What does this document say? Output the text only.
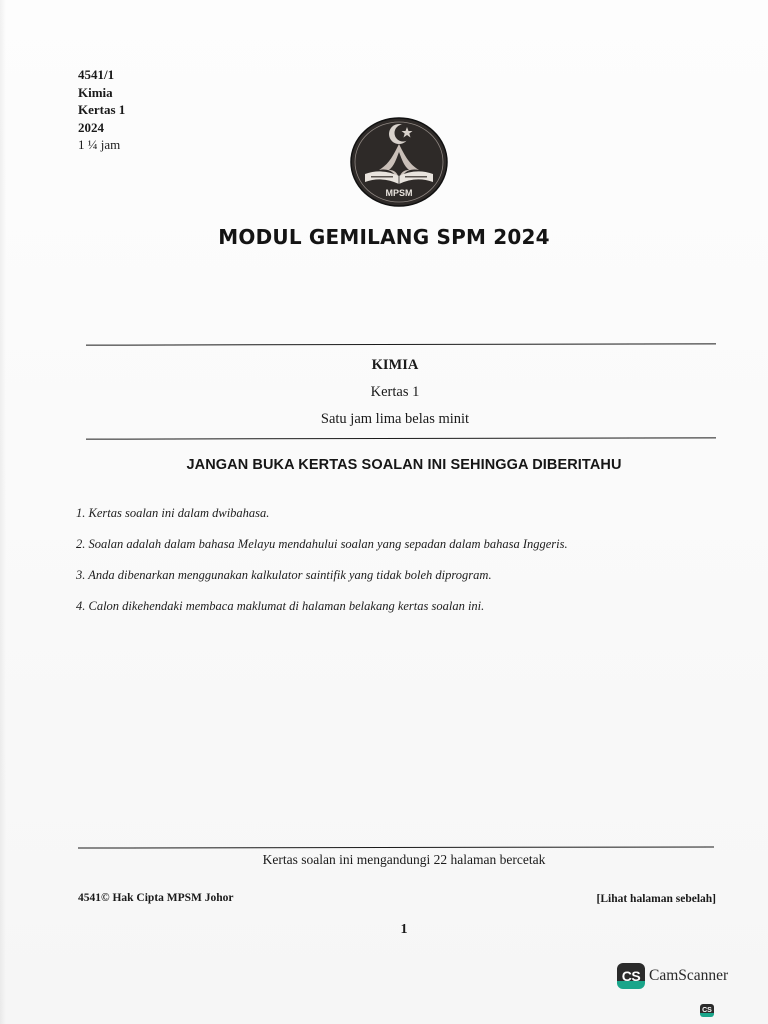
4541/1
Kimia
Kertas 1
2024
1 ¼ jam
MPSM
MODUL GEMILANG SPM 2024
KIMIA
Kertas 1
Satu jam lima belas minit
JANGAN BUKA KERTAS SOALAN INI SEHINGGA DIBERITAHU
1. Kertas soalan ini dalam dwibahasa.
2. Soalan adalah dalam bahasa Melayu mendahului soalan yang sepadan dalam bahasa Inggeris.
3. Anda dibenarkan menggunakan kalkulator saintifik yang tidak boleh diprogram.
4. Calon dikehendaki membaca maklumat di halaman belakang kertas soalan ini.
Kertas soalan ini mengandungi 22 halaman bercetak
4541© Hak Cipta MPSM Johor	[Lihat halaman sebelah]
1
CS CamScanner
CS
